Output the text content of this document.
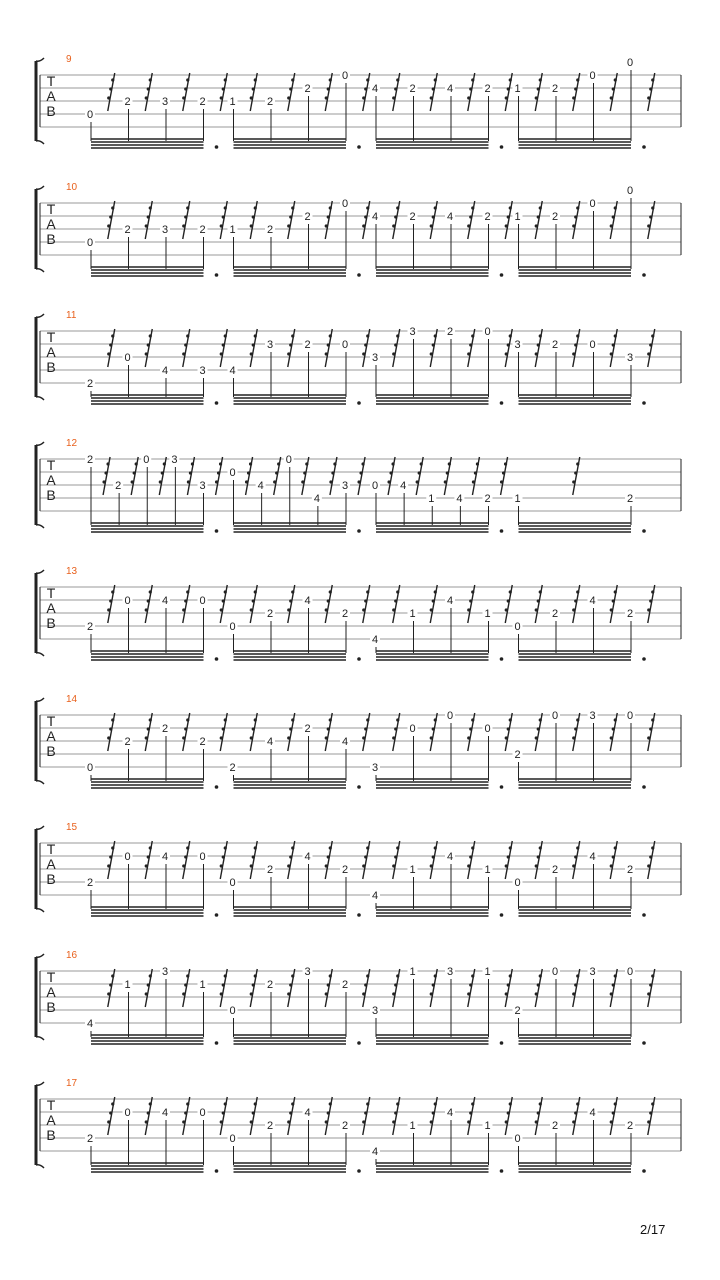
9
T
A
B	0
2	3	2 1	2
2
0
4	2	4	2 1	2
0
0
10
T
A
B	0
2	3	2 1	2
2
0
4	2	4	2 1	2
0
0
11
T
A
B
2
0
4	3 4
3	2	0
3
3	2	0
3	2	0
3
12
T
A
B
2
2
0 3
3
0
4
0
4
3 0 4
1 4 2 1	2
13
T
A
B	2
0	4	0
0
2
4
2
4
1
4
1
0
2
4
2
14
T
A
B
0
2
2
2
2
4
2
4
3
0
0
0
2
0	3	0
15
T
A
B	2
0	4	0
0
2
4
2
4
1
4
1
0
2
4
2
16
T
A
B
4
1
3
1
0
2
3
2
3
1	3	1
2
0	3	0
17
T
A
B	2
0	4	0
0
2
4
2
4
1
4
1
0
2
4
2
2/17
